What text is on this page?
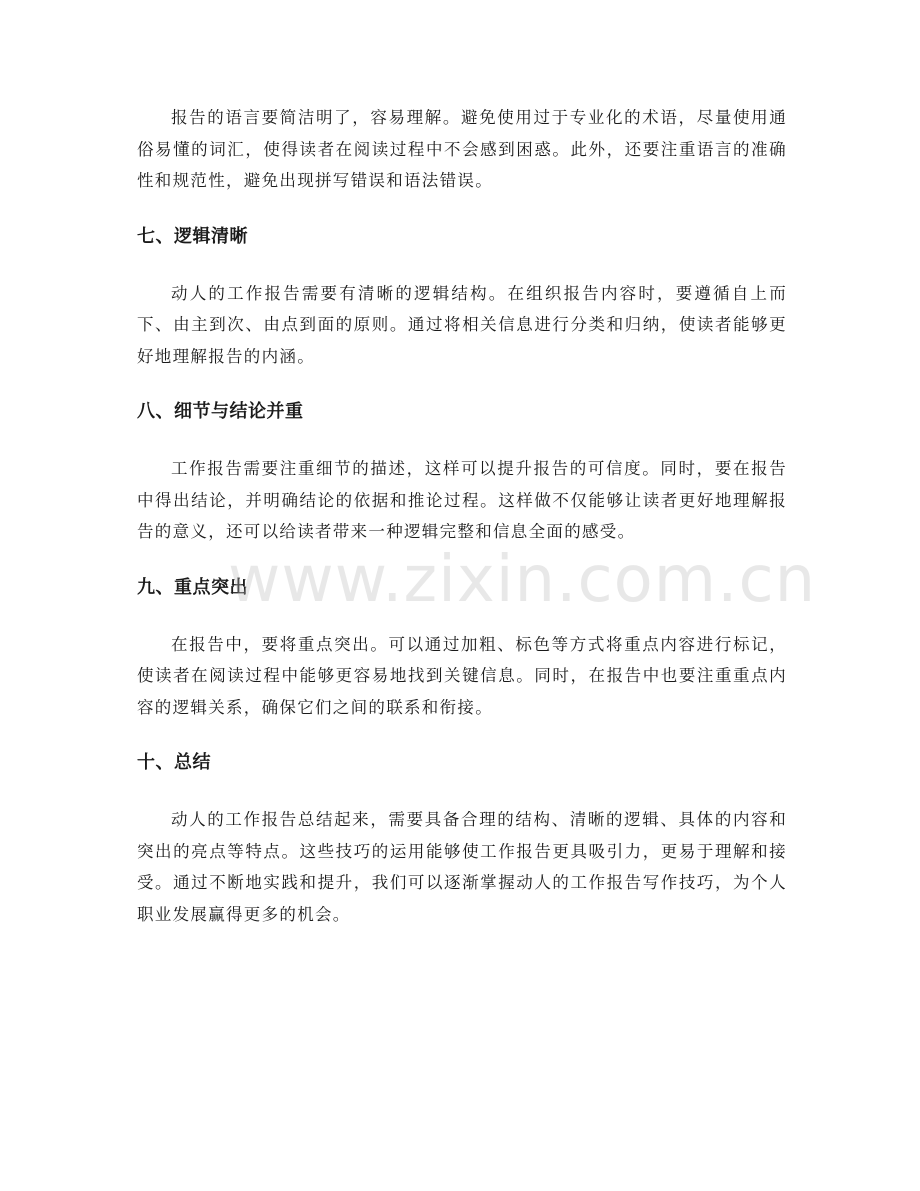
报告的语言要简洁明了，容易理解。避免使用过于专业化的术语，尽量使用通俗易懂的词汇，使得读者在阅读过程中不会感到困惑。此外，还要注重语言的准确性和规范性，避免出现拼写错误和语法错误。

七、逻辑清晰

动人的工作报告需要有清晰的逻辑结构。在组织报告内容时，要遵循自上而下、由主到次、由点到面的原则。通过将相关信息进行分类和归纳，使读者能够更好地理解报告的内涵。

八、细节与结论并重

工作报告需要注重细节的描述，这样可以提升报告的可信度。同时，要在报告中得出结论，并明确结论的依据和推论过程。这样做不仅能够让读者更好地理解报告的意义，还可以给读者带来一种逻辑完整和信息全面的感受。

九、重点突出

在报告中，要将重点突出。可以通过加粗、标色等方式将重点内容进行标记，使读者在阅读过程中能够更容易地找到关键信息。同时，在报告中也要注重重点内容的逻辑关系，确保它们之间的联系和衔接。

十、总结

动人的工作报告总结起来，需要具备合理的结构、清晰的逻辑、具体的内容和突出的亮点等特点。这些技巧的运用能够使工作报告更具吸引力，更易于理解和接受。通过不断地实践和提升，我们可以逐渐掌握动人的工作报告写作技巧，为个人职业发展赢得更多的机会。

www.zixin.com.cn
